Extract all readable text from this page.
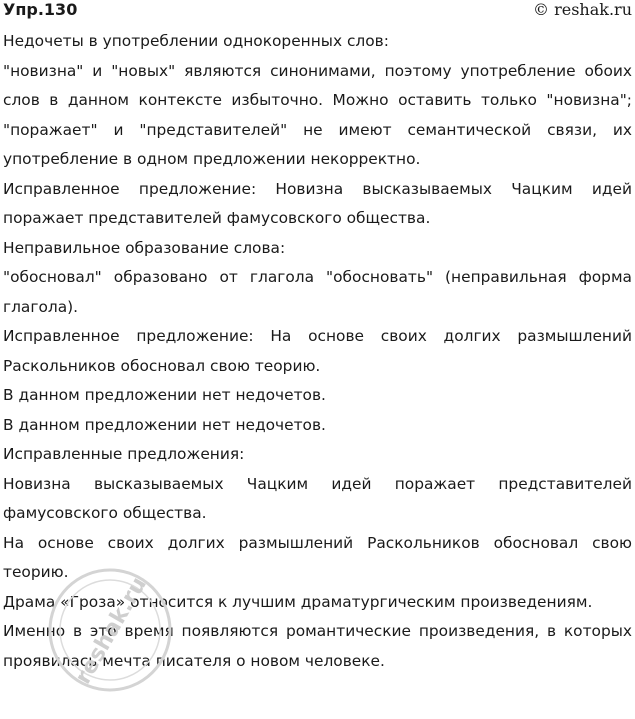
Упр.130	© reshak.ru

Недочеты в употреблении однокоренных слов:

"новизна" и "новых" являются синонимами, поэтому употребление обоих слов в данном контексте избыточно. Можно оставить только "новизна"; "поражает" и "представителей" не имеют семантической связи, их употребление в одном предложении некорректно.

Исправленное предложение: Новизна высказываемых Чацким идей поражает представителей фамусовского общества.

Неправильное образование слова:

"обосновал" образовано от глагола "обосновать" (неправильная форма глагола).

Исправленное предложение: На основе своих долгих размышлений Раскольников обосновал свою теорию.

В данном предложении нет недочетов.

В данном предложении нет недочетов.

Исправленные предложения:

Новизна высказываемых Чацким идей поражает представителей фамусовского общества.

На основе своих долгих размышлений Раскольников обосновал свою теорию.

Драма «Гроза» относится к лучшим драматургическим произведениям.

Именно в это время появляются романтические произведения, в которых проявилась мечта писателя о новом человеке.

reshak.ru
